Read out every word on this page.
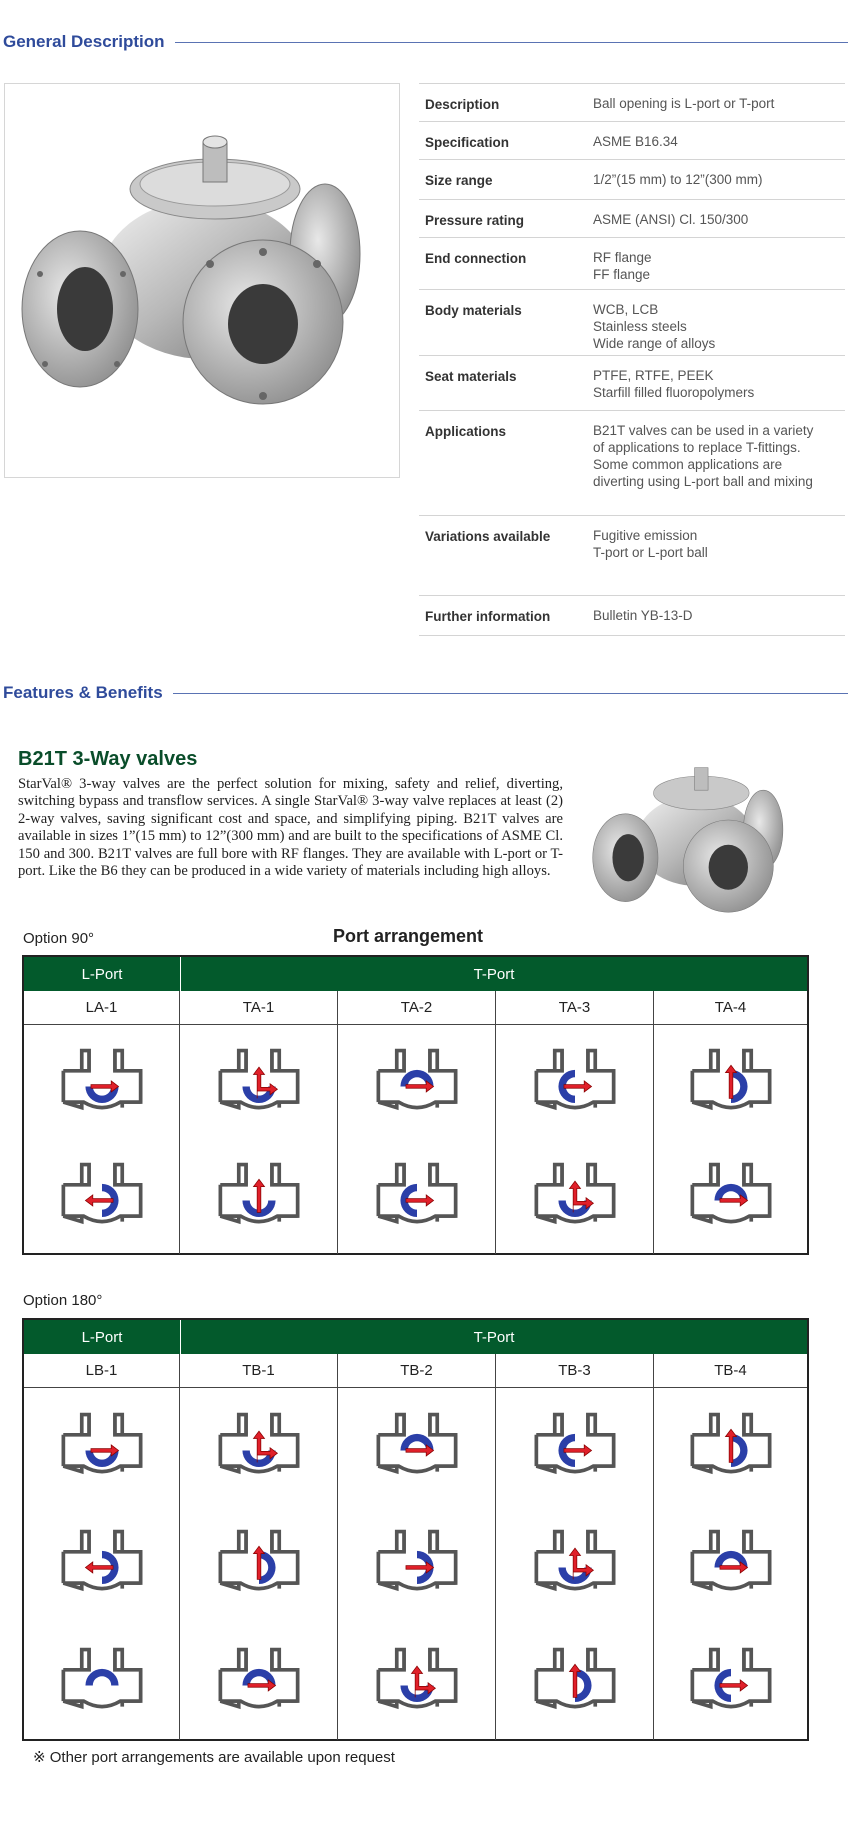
General Description
Description	Ball opening is L-port or T-port

Specification	ASME B16.34

Size range	1/2”(15 mm) to 12”(300 mm)

Pressure rating	ASME (ANSI) Cl. 150/300

End connection	RF flange
FF flange

Body materials	WCB, LCB
Stainless steels
Wide range of alloys

Seat materials	PTFE, RTFE, PEEK
Starfill filled fluoropolymers

Applications	B21T valves can be used in a variety
of applications to replace T-fittings.
Some common applications are
diverting using L-port ball and mixing

Variations available	Fugitive emission
T-port or L-port ball

Further information	Bulletin YB-13-D
Features & Benefits
B21T 3-Way valves
StarVal® 3-way valves are the perfect solution for mixing, safety and relief, diverting, switching bypass and transflow services. A single StarVal® 3-way valve replaces at least (2) 2-way valves, saving significant cost and space, and simplifying piping. B21T valves are available in sizes 1”(15 mm) to 12”(300 mm) and are built to the specifications of ASME Cl. 150 and 300. B21T valves are full bore with RF flanges. They are available with L-port or T-port. Like the B6 they can be produced in a wide variety of materials including high alloys.
Option 90°	Port arrangement
L-Port	T-Port
LA-1	TA-1	TA-2	TA-3	TA-4
Option 180°
L-Port	T-Port
LB-1	TB-1	TB-2	TB-3	TB-4
※ Other port arrangements are available upon request
